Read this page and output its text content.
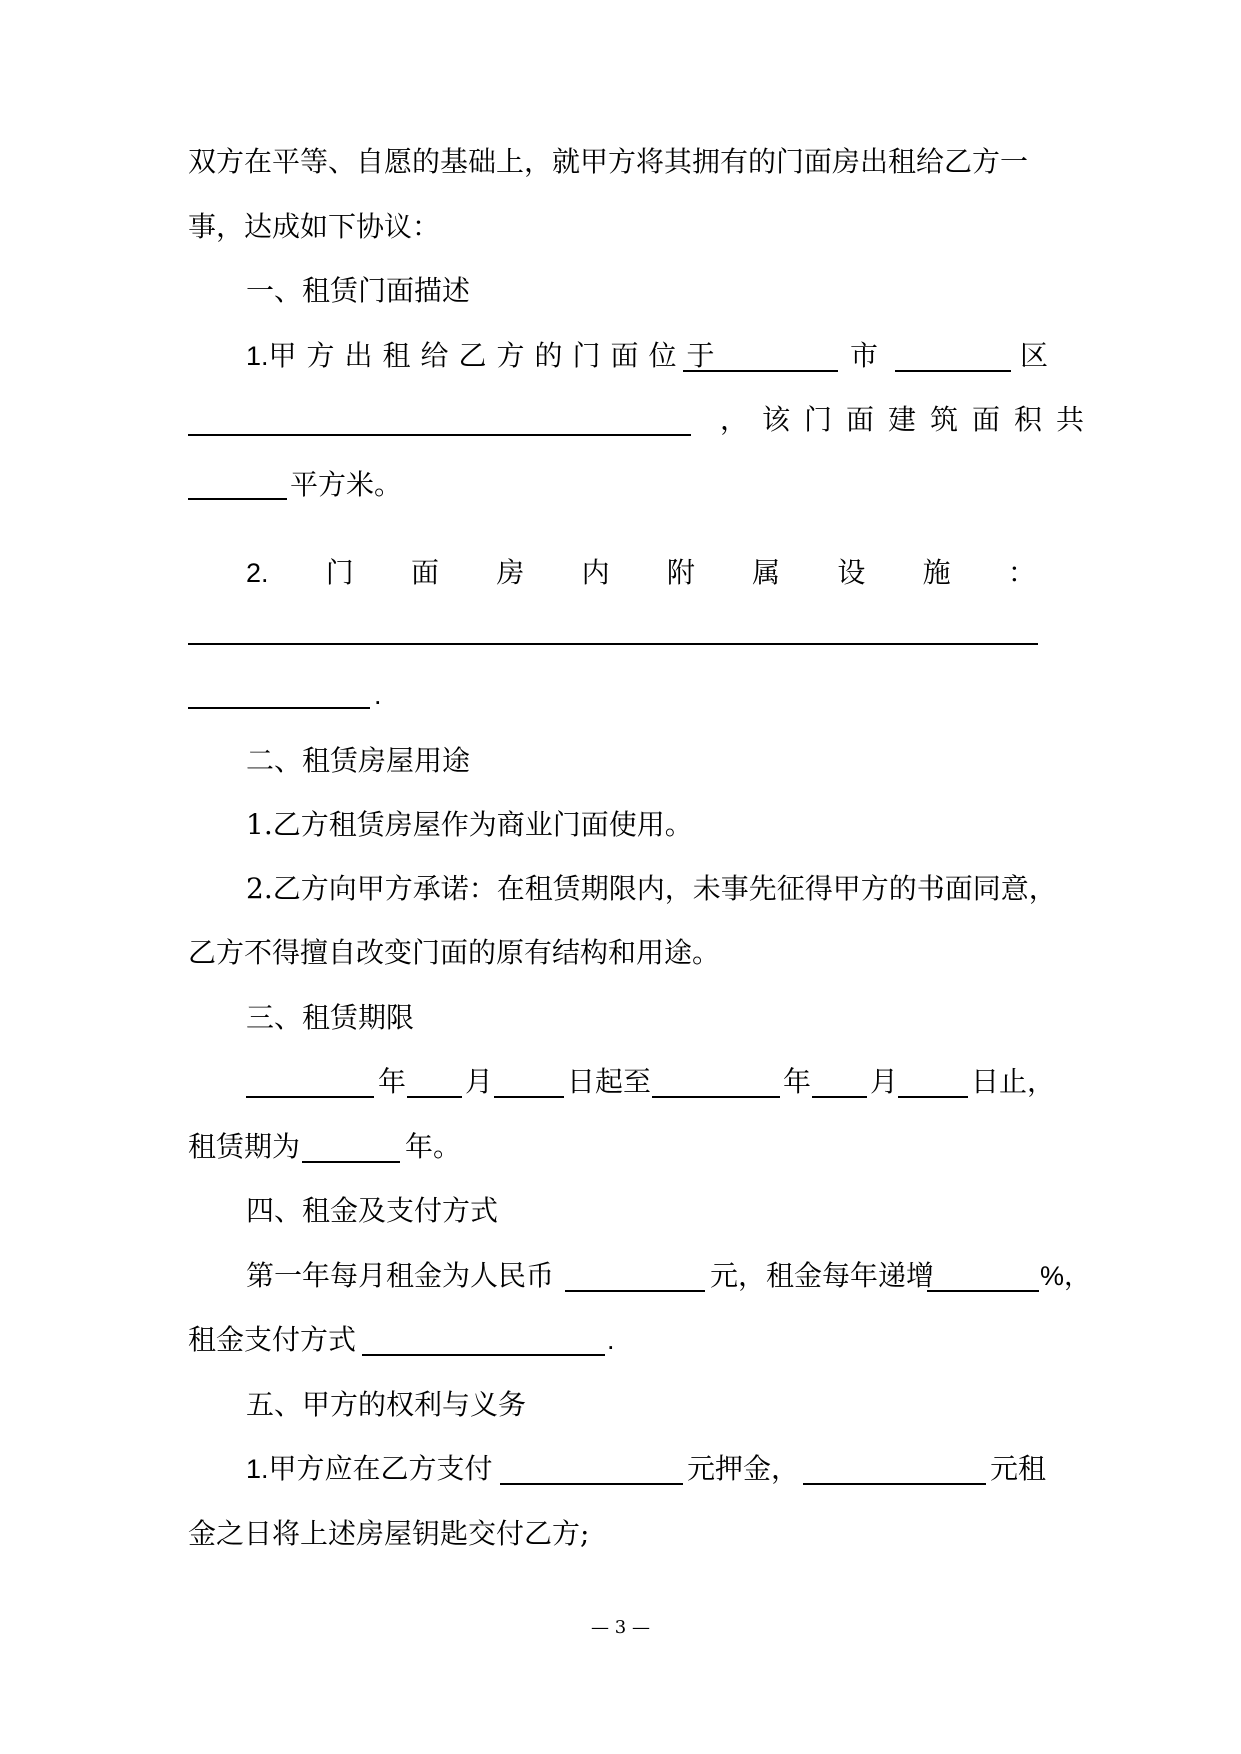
双方在平等、自愿的基础上，就甲方将其拥有的门面房出租给乙方一
事，达成如下协议：
一、租赁门面描述
1.甲方出租给乙方的门面位于	市	区
，该门面建筑面积共
平方米。
2. 门 面 房 内 附 属 设 施 ：
.
二、租赁房屋用途
1.乙方租赁房屋作为商业门面使用。
2.乙方向甲方承诺：在租赁期限内，未事先征得甲方的书面同意，
乙方不得擅自改变门面的原有结构和用途。
三、租赁期限
年 月	日起至	年 月	日止，
租赁期为	年。
四、租金及支付方式
第一年每月租金为人民币	元，租金每年递增	%，
租金支付方式	.
五、甲方的权利与义务
1.甲方应在乙方支付	元押金，	元租
金之日将上述房屋钥匙交付乙方;
— 3 —
